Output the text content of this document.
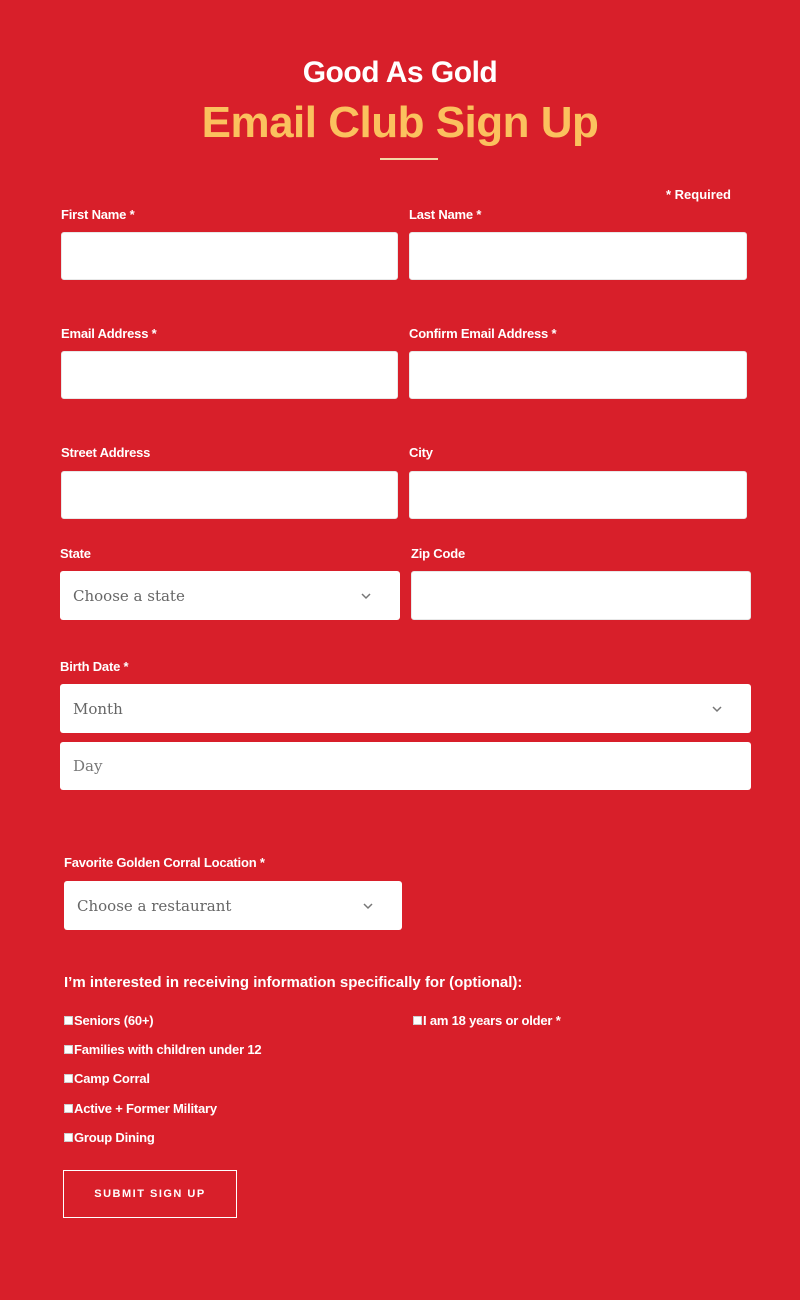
Good As Gold
Email Club Sign Up
* Required
First Name *	Last Name *
Email Address *	Confirm Email Address *
Street Address	City
State	Zip Code
Choose a state
Birth Date *
Month
Day
Favorite Golden Corral Location *
Choose a restaurant
I’m interested in receiving information specifically for (optional):
Seniors (60+)
Families with children under 12
Camp Corral
Active + Former Military
Group Dining
I am 18 years or older *
SUBMIT SIGN UP
